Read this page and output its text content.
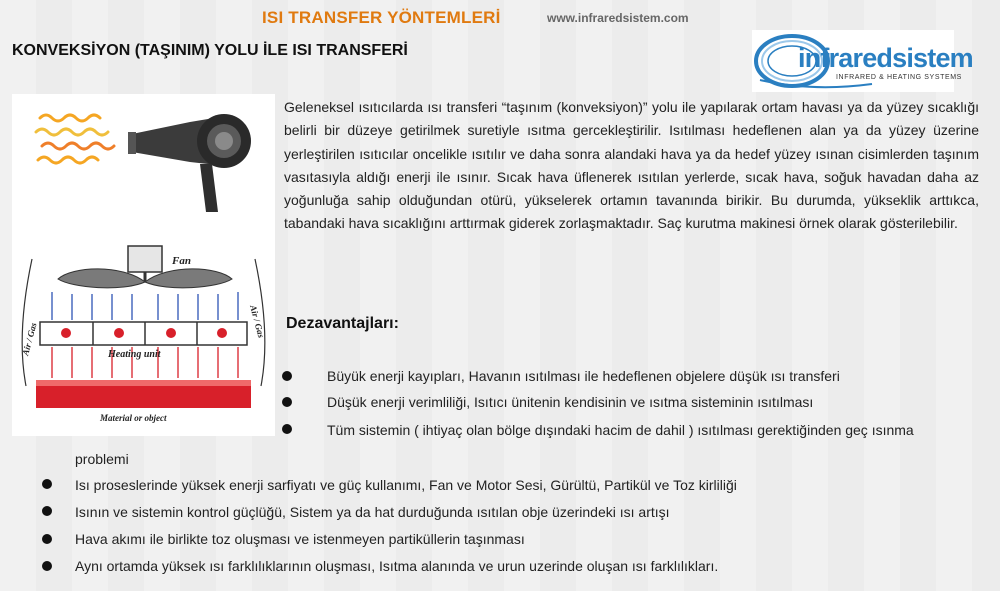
ISI TRANSFER YÖNTEMLERİ	www.infraredsistem.com
KONVEKSİYON (TAŞINIM) YOLU İLE ISI TRANSFERİ	infraredsistem
INFRARED & HEATING SYSTEMS
Fan
Heating unit
Material or object
Air / Gas
Air / Gas
Geleneksel ısıtıcılarda ısı transferi “taşınım (konveksiyon)” yolu ile yapılarak ortam havası ya da yüzey sıcaklığı belirli bir düzeye getirilmek suretiyle ısıtma gercekleştirilir. Isıtılması hedeflenen alan ya da yüzey üzerine yerleştirilen ısıtıcılar oncelikle ısıtılır ve daha sonra alandaki hava ya da hedef yüzey ısınan cisimlerden taşınım vasıtasıyla aldığı enerji ile ısınır. Sıcak hava üflenerek ısıtılan yerlerde, sıcak hava, soğuk havadan daha az yoğunluğa sahip olduğundan otürü, yükselerek ortamın tavanında birikir. Bu durumda, yükseklik arttıkca, tabandaki hava sıcaklığını arttırmak giderek zorlaşmaktadır. Saç kurutma makinesi örnek olarak gösterilebilir.
Dezavantajları:
Büyük enerji kayıpları, Havanın ısıtılması ile hedeflenen objelere düşük ısı transferi
Düşük enerji verimliliği, Isıtıcı ünitenin kendisinin ve ısıtma sisteminin ısıtılması
Tüm sistemin ( ihtiyaç olan bölge dışındaki hacim de dahil ) ısıtılması gerektiğinden geç ısınma
problemi
Isı proseslerinde yüksek enerji sarfiyatı ve güç kullanımı, Fan ve Motor Sesi, Gürültü, Partikül ve Toz kirliliği
Isının ve sistemin kontrol güçlüğü, Sistem ya da hat durduğunda ısıtılan obje üzerindeki ısı artışı
Hava akımı ile birlikte toz oluşması ve istenmeyen partiküllerin taşınması
Aynı ortamda yüksek ısı farklılıklarının oluşması, Isıtma alanında ve urun uzerinde oluşan ısı farklılıkları.
